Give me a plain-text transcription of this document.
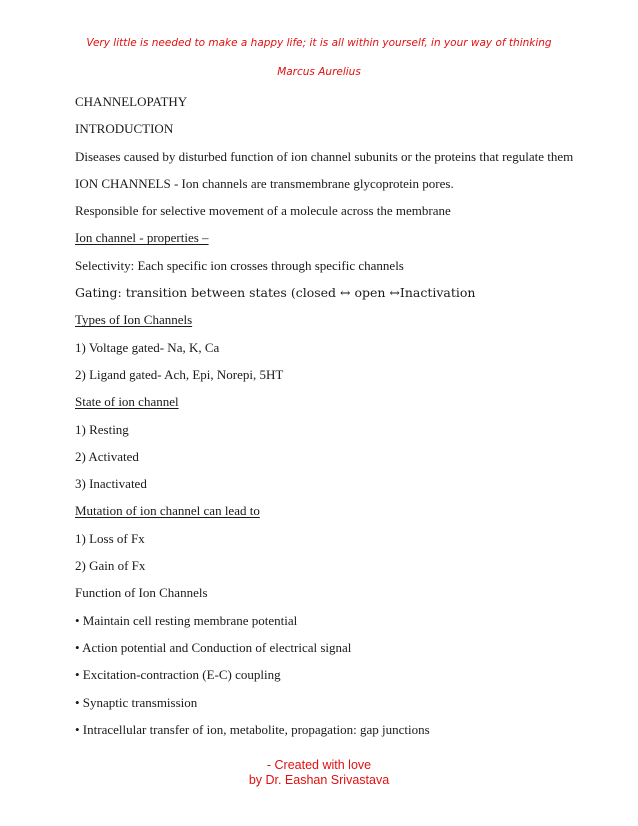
Very little is needed to make a happy life; it is all within yourself, in your way of thinking
Marcus Aurelius
CHANNELOPATHY
INTRODUCTION
Diseases caused by disturbed function of ion channel subunits or the proteins that regulate them
ION CHANNELS - Ion channels are transmembrane glycoprotein pores.
Responsible for selective movement of a molecule across the membrane
Ion channel - properties –
Selectivity: Each specific ion crosses through specific channels
Gating: transition between states (closed ↔ open ↔Inactivation
Types of Ion Channels
1) Voltage gated- Na, K, Ca
2) Ligand gated- Ach, Epi, Norepi, 5HT
State of ion channel
1) Resting
2) Activated
3) Inactivated
Mutation of ion channel can lead to
1) Loss of Fx
2) Gain of Fx
Function of Ion Channels
• Maintain cell resting membrane potential
• Action potential and Conduction of electrical signal
• Excitation-contraction (E-C) coupling
• Synaptic transmission
• Intracellular transfer of ion, metabolite, propagation: gap junctions
- Created with love
by Dr. Eashan Srivastava
